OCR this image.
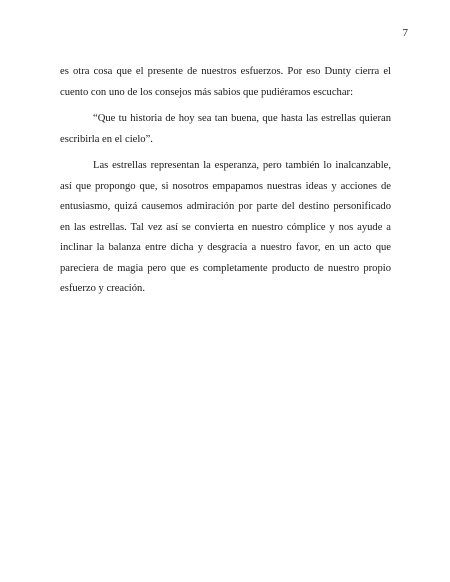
7

es otra cosa que el presente de nuestros esfuerzos. Por eso Dunty cierra el cuento con uno de los consejos más sabios que pudiéramos escuchar:

“Que tu historia de hoy sea tan buena, que hasta las estrellas quieran escribirla en el cielo”.

Las estrellas representan la esperanza, pero también lo inalcanzable, así que propongo que, si nosotros empapamos nuestras ideas y acciones de entusiasmo, quizá causemos admiración por parte del destino personificado en las estrellas. Tal vez así se convierta en nuestro cómplice y nos ayude a inclinar la balanza entre dicha y desgracia a nuestro favor, en un acto que pareciera de magia pero que es completamente producto de nuestro propio esfuerzo y creación.
